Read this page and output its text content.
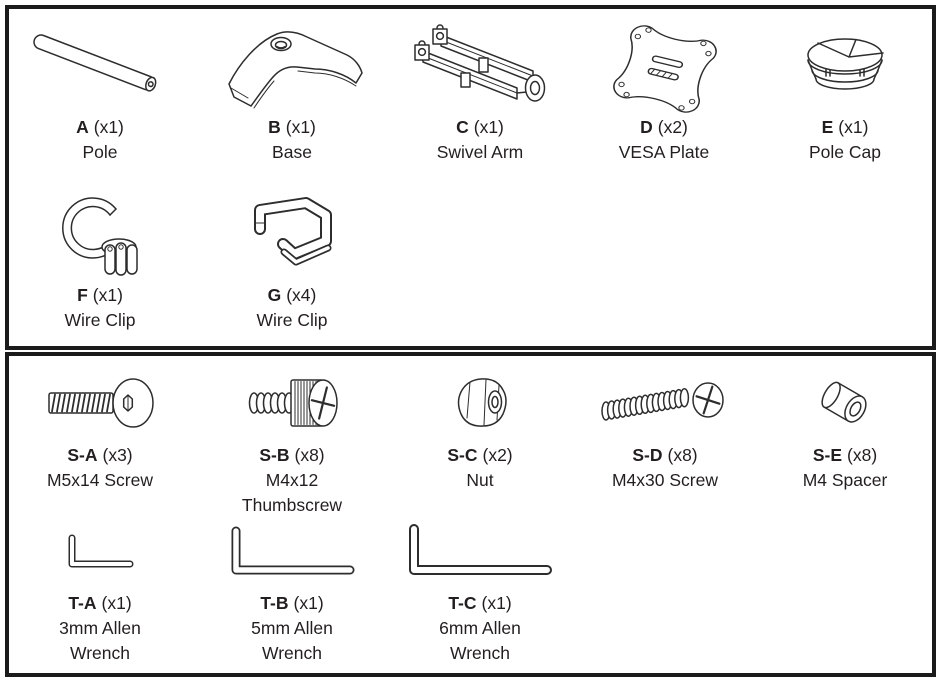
A (x1)
Pole
B (x1)
Base
C (x1)
Swivel Arm
D (x2)
VESA Plate
E (x1)
Pole Cap
F (x1)
Wire Clip
G (x4)
Wire Clip
S-A (x3)
M5x14 Screw
S-B (x8)
M4x12
Thumbscrew
S-C (x2)
Nut
S-D (x8)
M4x30 Screw
S-E (x8)
M4 Spacer
T-A (x1)
3mm Allen
Wrench
T-B (x1)
5mm Allen
Wrench
T-C (x1)
6mm Allen
Wrench
